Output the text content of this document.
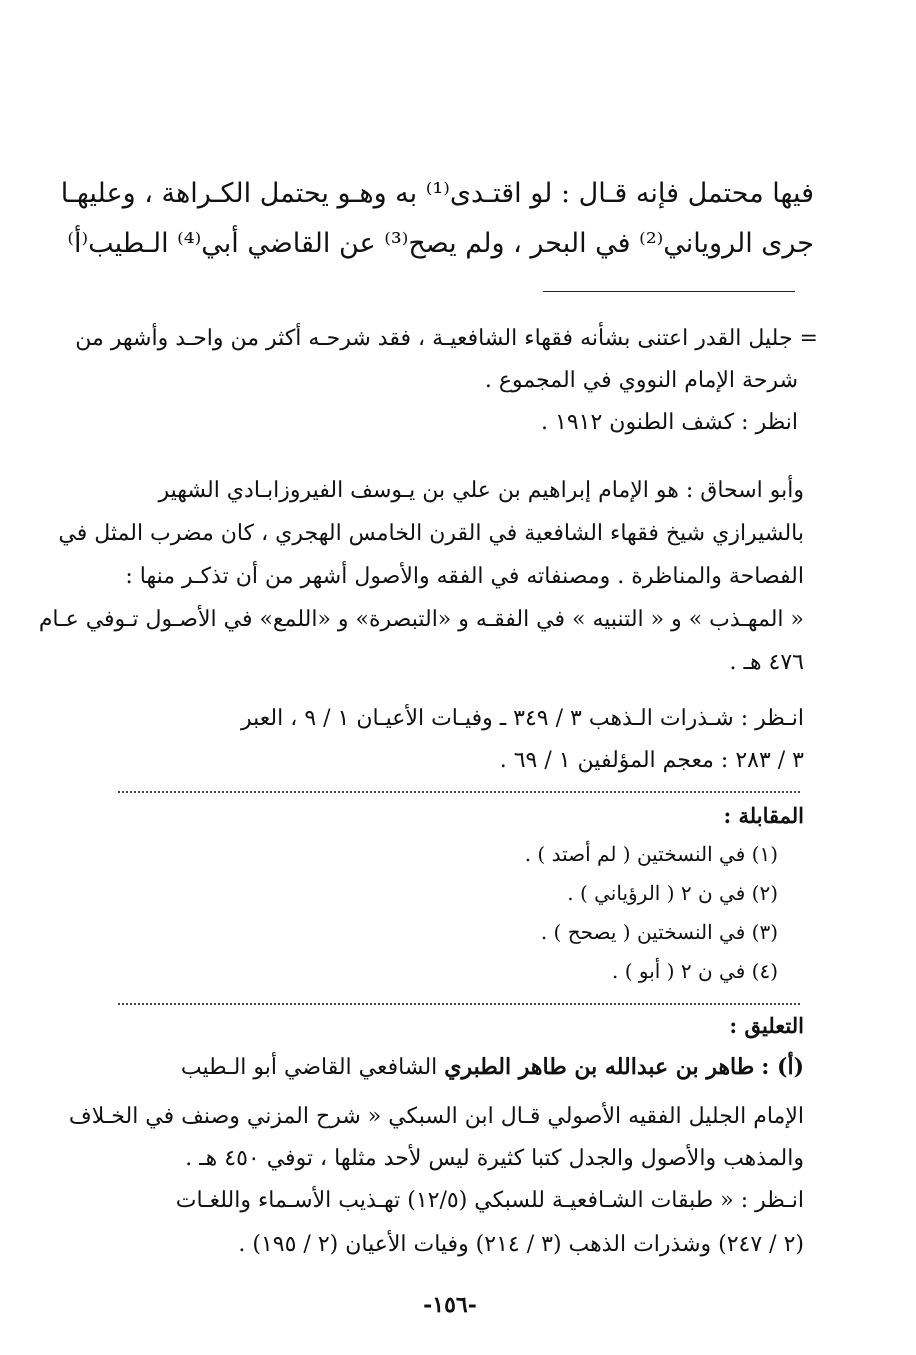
فيها محتمل فإنه قـال : لو اقتـدى⁽¹⁾ به وهـو يحتمل الكـراهة ، وعليهـا
جرى الروياني⁽²⁾ في البحر ، ولم يصح⁽³⁾ عن القاضي أبي⁽⁴⁾ الـطيب⁽أ⁾
= جليل القدر اعتنى بشأنه فقهاء الشافعيـة ، فقد شرحـه أكثر من واحـد وأشهر من
شرحة الإمام النووي في المجموع .
انظر : كشف الطنون ١٩١٢ .
وأبو اسحاق : هو الإمام إبراهيم بن علي بن يـوسف الفيروزابـادي الشهير
بالشيرازي شيخ فقهاء الشافعية في القرن الخامس الهجري ، كان مضرب المثل في
الفصاحة والمناظرة . ومصنفاته في الفقه والأصول أشهر من أن تذكـر منها :
« المهـذب » و « التنبيه » في الفقـه و «التبصرة» و «اللمع» في الأصـول تـوفي عـام
٤٧٦ هـ .
انـظر : شـذرات الـذهب ٣ / ٣٤٩ ـ وفيـات الأعيـان ١ / ٩ ، العبر
٣ / ٢٨٣ : معجم المؤلفين ١ / ٦٩ .
المقابلة :
(١) في النسختين ( لم أصتد ) .
(٢) في ن ٢ ( الرؤياني ) .
(٣) في النسختين ( يصحح ) .
(٤) في ن ٢ ( أبو ) .
التعليق :
(أ) : طاهر بن عبدالله بن طاهر الطبري الشافعي القاضي أبو الـطيب
الإمام الجليل الفقيه الأصولي قـال ابن السبكي « شرح المزني وصنف في الخـلاف
والمذهب والأصول والجدل كتبا كثيرة ليس لأحد مثلها ، توفي ٤٥٠ هـ .
انـظر : « طبقات الشـافعيـة للسبكي (١٢/٥) تهـذيب الأسـماء واللغـات
(٢ / ٢٤٧) وشذرات الذهب (٣ / ٢١٤) وفيات الأعيان (٢ / ١٩٥) .
-١٥٦-
